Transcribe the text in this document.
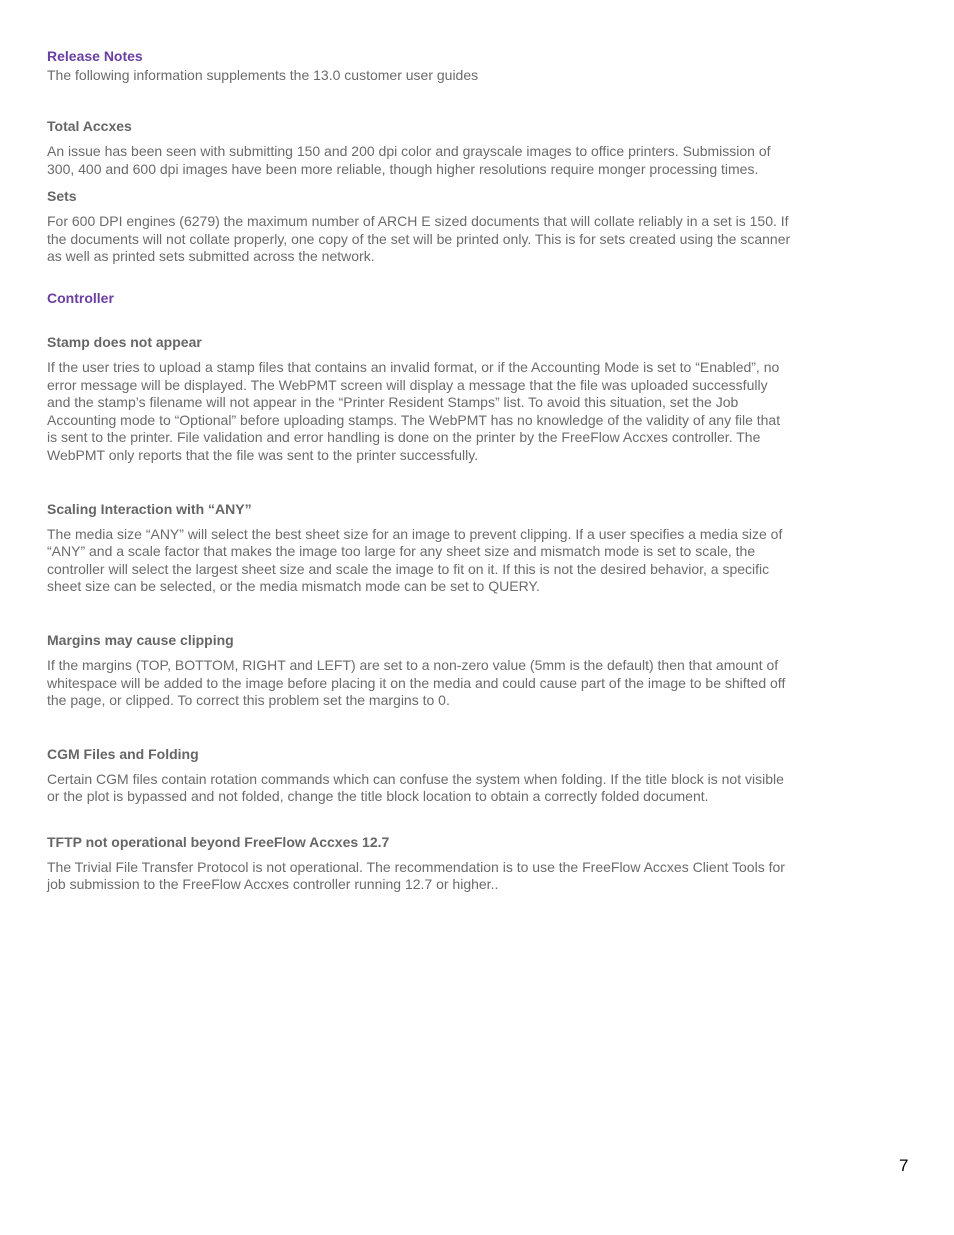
Release Notes

The following information supplements the 13.0 customer user guides

Total Accxes

An issue has been seen with submitting 150 and 200 dpi color and grayscale images to office printers. Submission of 300, 400 and 600 dpi images have been more reliable, though higher resolutions require monger processing times.

Sets

For 600 DPI engines (6279) the maximum number of ARCH E sized documents that will collate reliably in a set is 150. If the documents will not collate properly, one copy of the set will be printed only. This is for sets created using the scanner as well as printed sets submitted across the network.

Controller
Stamp does not appear

If the user tries to upload a stamp files that contains an invalid format, or if the Accounting Mode is set to “Enabled”, no error message will be displayed. The WebPMT screen will display a message that the file was uploaded successfully and the stamp’s filename will not appear in the “Printer Resident Stamps” list. To avoid this situation, set the Job Accounting mode to “Optional” before uploading stamps. The WebPMT has no knowledge of the validity of any file that is sent to the printer. File validation and error handling is done on the printer by the FreeFlow Accxes controller. The WebPMT only reports that the file was sent to the printer successfully.

Scaling Interaction with “ANY”

The media size “ANY” will select the best sheet size for an image to prevent clipping. If a user specifies a media size of “ANY” and a scale factor that makes the image too large for any sheet size and mismatch mode is set to scale, the controller will select the largest sheet size and scale the image to fit on it. If this is not the desired behavior, a specific sheet size can be selected, or the media mismatch mode can be set to QUERY.

Margins may cause clipping

If the margins (TOP, BOTTOM, RIGHT and LEFT) are set to a non-zero value (5mm is the default) then that amount of whitespace will be added to the image before placing it on the media and could cause part of the image to be shifted off the page, or clipped. To correct this problem set the margins to 0.

CGM Files and Folding

Certain CGM files contain rotation commands which can confuse the system when folding. If the title block is not visible or the plot is bypassed and not folded, change the title block location to obtain a correctly folded document.

TFTP not operational beyond FreeFlow Accxes 12.7

The Trivial File Transfer Protocol is not operational. The recommendation is to use the FreeFlow Accxes Client Tools for job submission to the FreeFlow Accxes controller running 12.7 or higher..

7
